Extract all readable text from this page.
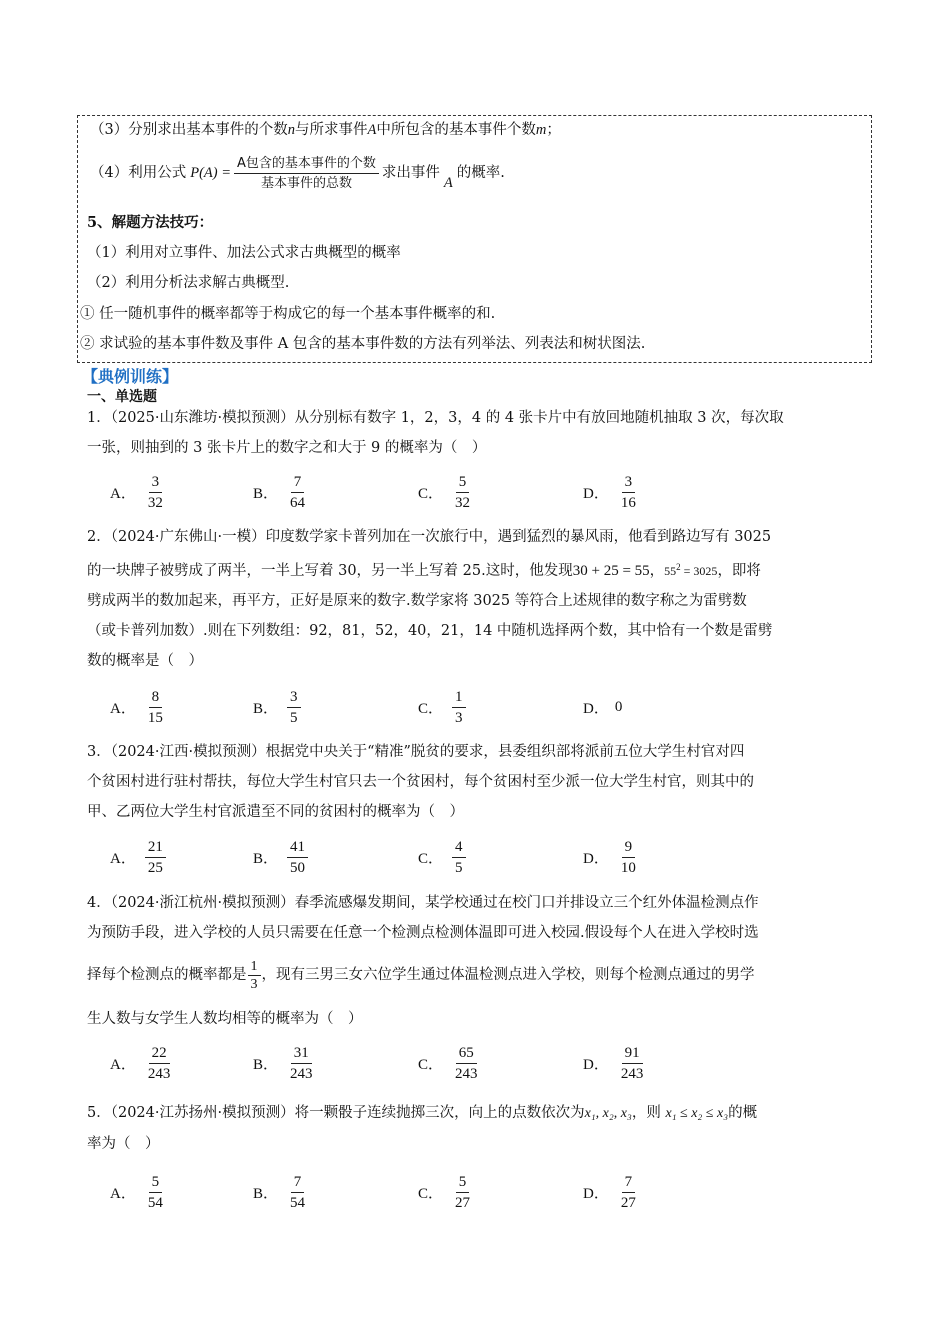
（3）分别求出基本事件的个数n与所求事件A中所包含的基本事件个数m；
（4）利用公式 $P(A) = \frac{\text{A包含的基本事件的个数}}{\text{基本事件的总数}}$ 求出事件
A
的概率.
5、解题方法技巧：
（1）利用对立事件、加法公式求古典概型的概率
（2）利用分析法求解古典概型.
① 任一随机事件的概率都等于构成它的每一个基本事件概率的和.
② 求试验的基本事件数及事件 A 包含的基本事件数的方法有列举法、列表法和树状图法.
【典例训练】
一、单选题
1．（2025·山东潍坊·模拟预测）从分别标有数字 1，2，3，4 的 4 张卡片中有放回地随机抽取 3 次，每次取
一张，则抽到的 3 张卡片上的数字之和大于 9 的概率为（　）
A． $\frac{3}{32}$	B． $\frac{7}{64}$	C． $\frac{5}{32}$	D． $\frac{3}{16}$
2．（2024·广东佛山·一模）印度数学家卡普列加在一次旅行中，遇到猛烈的暴风雨，他看到路边写有 3025
的一块牌子被劈成了两半，一半上写着 30，另一半上写着 25.这时，他发现30 + 25 = 55，$55^2 = 3025$，即将
劈成两半的数加起来，再平方，正好是原来的数字.数学家将 3025 等符合上述规律的数字称之为雷劈数
（或卡普列加数）.则在下列数组：92，81，52，40，21，14 中随机选择两个数，其中恰有一个数是雷劈
数的概率是（　）
A． $\frac{8}{15}$	B． $\frac{3}{5}$	C． $\frac{1}{3}$	D． 0
3．（2024·江西·模拟预测）根据党中央关于“精准”脱贫的要求，县委组织部将派前五位大学生村官对四
个贫困村进行驻村帮扶，每位大学生村官只去一个贫困村，每个贫困村至少派一位大学生村官，则其中的
甲、乙两位大学生村官派遣至不同的贫困村的概率为（　）
A． $\frac{21}{25}$	B． $\frac{41}{50}$	C． $\frac{4}{5}$	D． $\frac{9}{10}$
4．（2024·浙江杭州·模拟预测）春季流感爆发期间，某学校通过在校门口并排设立三个红外体温检测点作
为预防手段，进入学校的人员只需要在任意一个检测点检测体温即可进入校园.假设每个人在进入学校时选
择每个检测点的概率都是 $\frac{1}{3}$ ，现有三男三女六位学生通过体温检测点进入学校，则每个检测点通过的男学
生人数与女学生人数均相等的概率为（　）
A． $\frac{22}{243}$	B． $\frac{31}{243}$	C． $\frac{65}{243}$	D． $\frac{91}{243}$
5．（2024·江苏扬州·模拟预测）将一颗骰子连续抛掷三次，向上的点数依次为x₁, x₂, x₃，则 x₁ ≤ x₂ ≤ x₃的概
率为（　）
A． $\frac{5}{54}$	B． $\frac{7}{54}$	C． $\frac{5}{27}$	D． $\frac{7}{27}$
